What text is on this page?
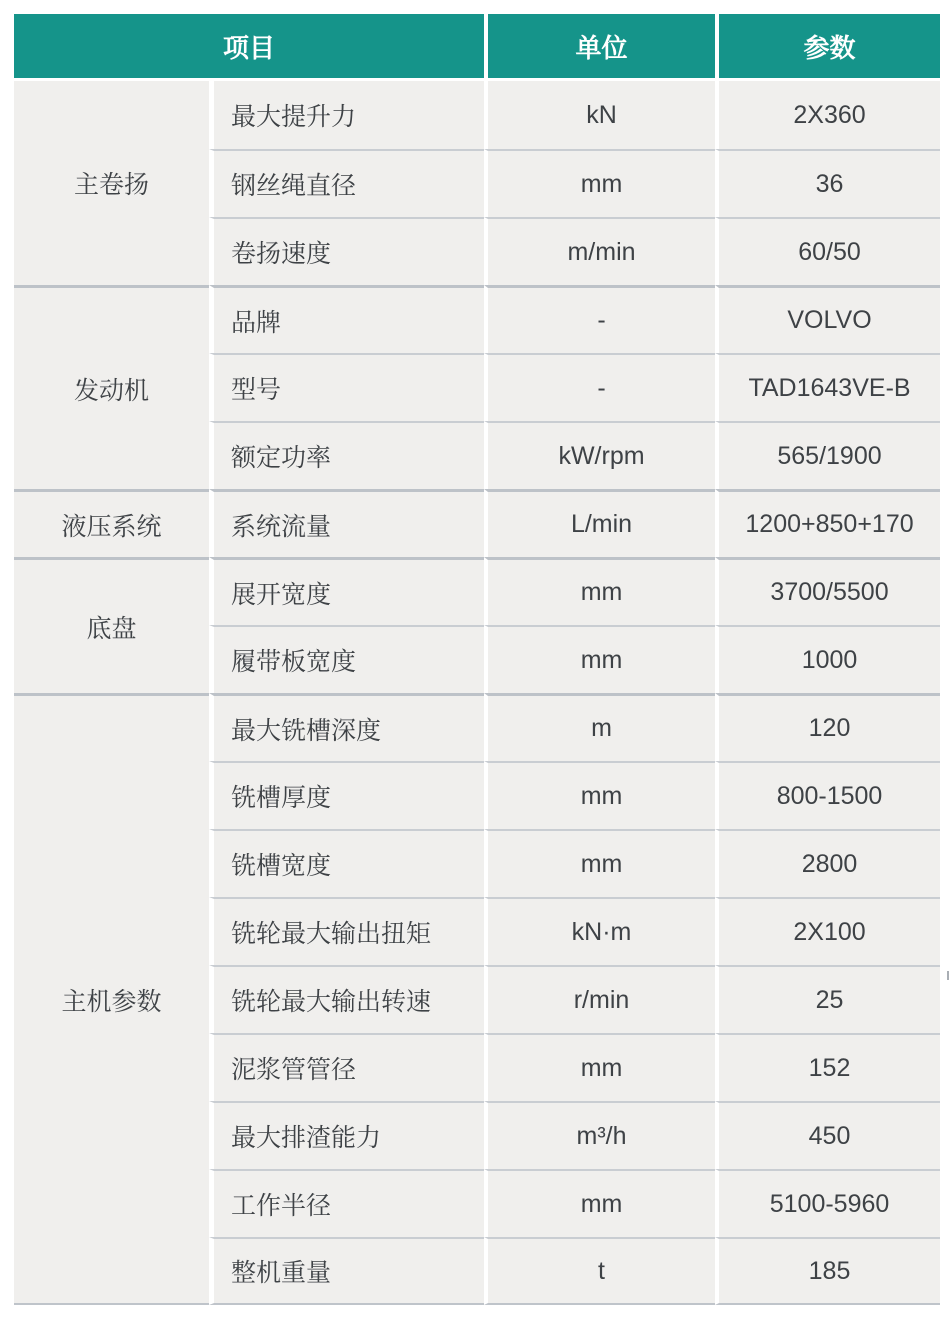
项目		单位	参数
主卷扬	最大提升力	kN	2X360
	钢丝绳直径	mm	36
	卷扬速度	m/min	60/50
发动机	品牌	-	VOLVO
	型号	-	TAD1643VE-B
	额定功率	kW/rpm	565/1900
液压系统	系统流量	L/min	1200+850+170
底盘	展开宽度	mm	3700/5500
	履带板宽度	mm	1000
主机参数	最大铣槽深度	m	120
	铣槽厚度	mm	800-1500
	铣槽宽度	mm	2800
	铣轮最大输出扭矩	kN·m	2X100
	铣轮最大输出转速	r/min	25
	泥浆管管径	mm	152
	最大排渣能力	m³/h	450
	工作半径	mm	5100-5960
	整机重量	t	185
